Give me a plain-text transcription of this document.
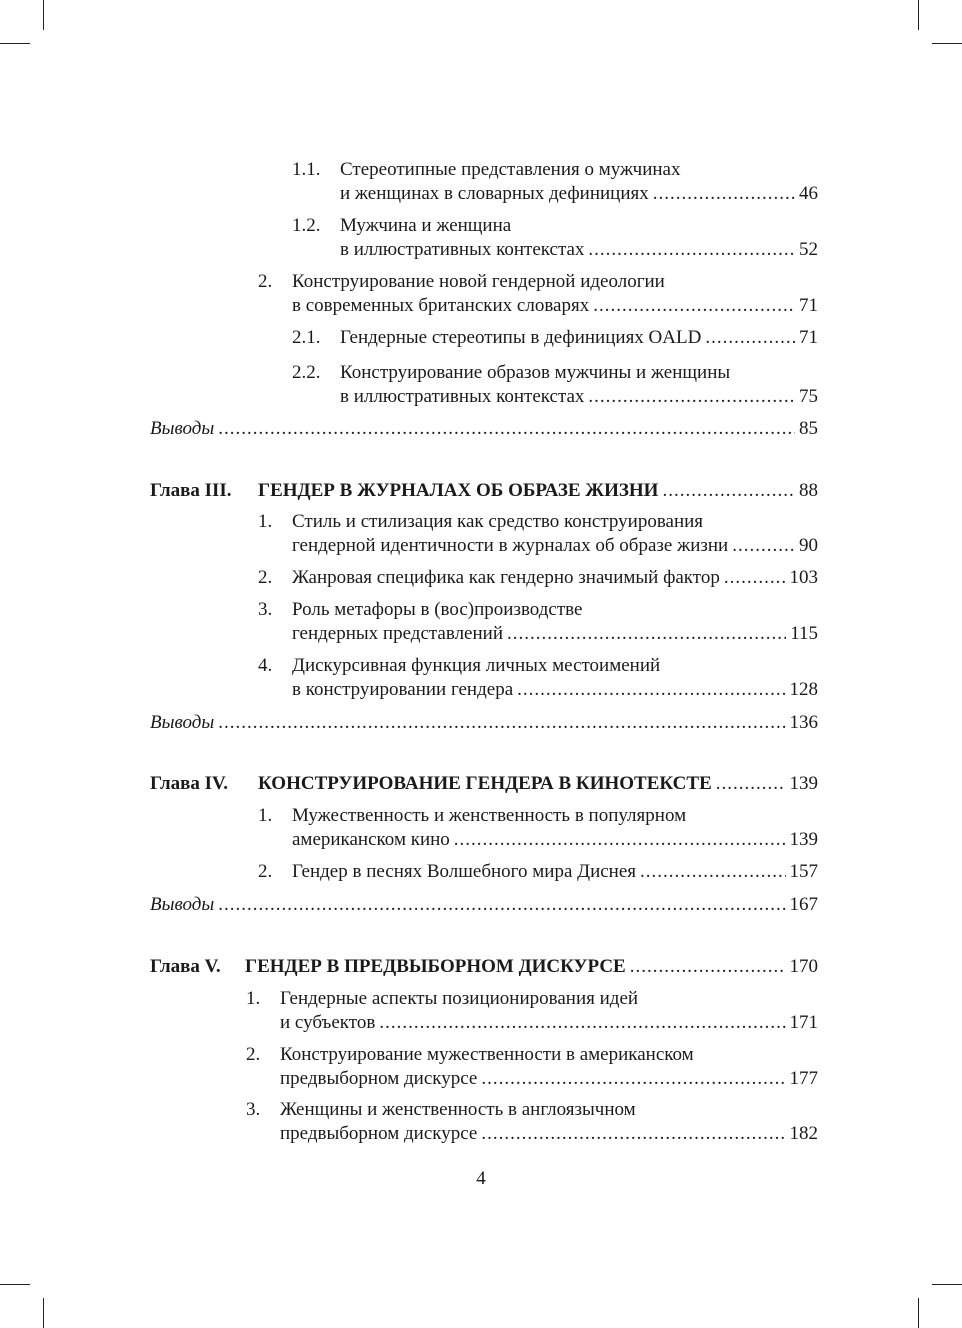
1.1. Стереотипные представления о мужчинах
и женщинах в словарных дефинициях .....	46
1.2. Мужчина и женщина
в иллюстративных контекстах .....	52
2. Конструирование новой гендерной идеологии
в современных британских словарях .....	71
2.1. Гендерные стереотипы в дефинициях OALD .....	71
2.2. Конструирование образов мужчины и женщины
в иллюстративных контекстах .....	75
Выводы .....	85
Глава III. ГЕНДЕР В ЖУРНАЛАХ ОБ ОБРАЗЕ ЖИЗНИ .....	88
1. Стиль и стилизация как средство конструирования
гендерной идентичности в журналах об образе жизни .....	90
2. Жанровая специфика как гендерно значимый фактор .....	103
3. Роль метафоры в (вос)производстве
гендерных представлений .....	115
4. Дискурсивная функция личных местоимений
в конструировании гендера .....	128
Выводы .....	136
Глава IV. КОНСТРУИРОВАНИЕ ГЕНДЕРА В КИНОТЕКСТЕ .....	139
1. Мужественность и женственность в популярном
американском кино .....	139
2. Гендер в песнях Волшебного мира Диснея .....	157
Выводы .....	167
Глава V. ГЕНДЕР В ПРЕДВЫБОРНОМ ДИСКУРСЕ .....	170
1. Гендерные аспекты позиционирования идей
и субъектов .....	171
2. Конструирование мужественности в американском
предвыборном дискурсе .....	177
3. Женщины и женственность в англоязычном
предвыборном дискурсе .....	182
4
